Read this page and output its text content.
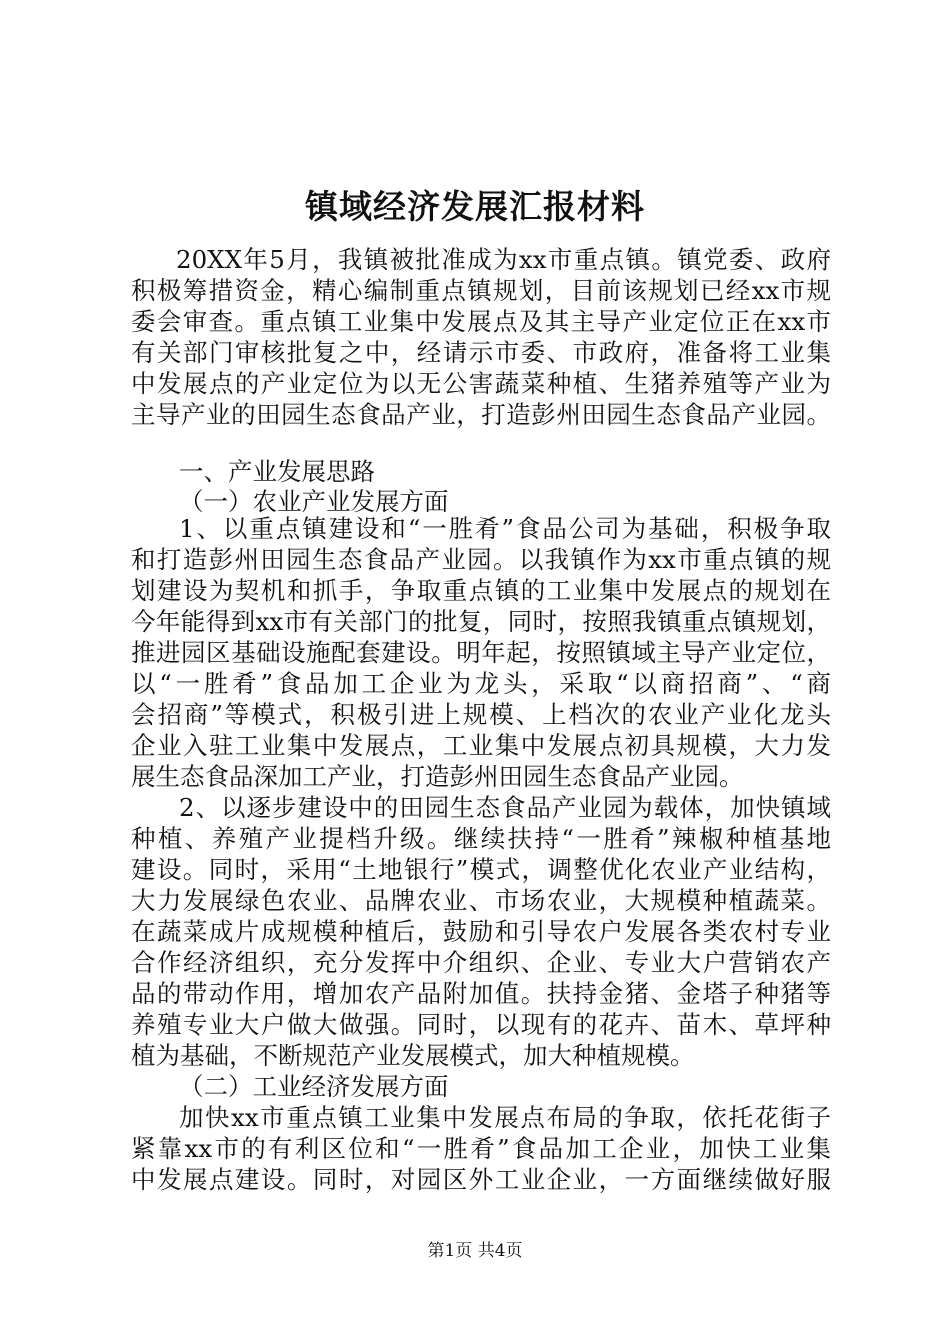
镇域经济发展汇报材料
20XX年5月，我镇被批准成为xx市重点镇。镇党委、政府
积极筹措资金，精心编制重点镇规划，目前该规划已经xx市规
委会审查。重点镇工业集中发展点及其主导产业定位正在xx市
有关部门审核批复之中，经请示市委、市政府，准备将工业集
中发展点的产业定位为以无公害蔬菜种植、生猪养殖等产业为
主导产业的田园生态食品产业，打造彭州田园生态食品产业园。
一、产业发展思路
（一）农业产业发展方面
1、以重点镇建设和“一胜肴”食品公司为基础，积极争取
和打造彭州田园生态食品产业园。以我镇作为xx市重点镇的规
划建设为契机和抓手，争取重点镇的工业集中发展点的规划在
今年能得到xx市有关部门的批复，同时，按照我镇重点镇规划，
推进园区基础设施配套建设。明年起，按照镇域主导产业定位，
以“一胜肴”食品加工企业为龙头，采取“以商招商”、“商
会招商”等模式，积极引进上规模、上档次的农业产业化龙头
企业入驻工业集中发展点，工业集中发展点初具规模，大力发
展生态食品深加工产业，打造彭州田园生态食品产业园。
2、以逐步建设中的田园生态食品产业园为载体，加快镇域
种植、养殖产业提档升级。继续扶持“一胜肴”辣椒种植基地
建设。同时，采用“土地银行”模式，调整优化农业产业结构，
大力发展绿色农业、品牌农业、市场农业，大规模种植蔬菜。
在蔬菜成片成规模种植后，鼓励和引导农户发展各类农村专业
合作经济组织，充分发挥中介组织、企业、专业大户营销农产
品的带动作用，增加农产品附加值。扶持金猪、金塔子种猪等
养殖专业大户做大做强。同时，以现有的花卉、苗木、草坪种
植为基础，不断规范产业发展模式，加大种植规模。
（二）工业经济发展方面
加快xx市重点镇工业集中发展点布局的争取，依托花街子
紧靠xx市的有利区位和“一胜肴”食品加工企业，加快工业集
中发展点建设。同时，对园区外工业企业，一方面继续做好服
第1页 共4页
